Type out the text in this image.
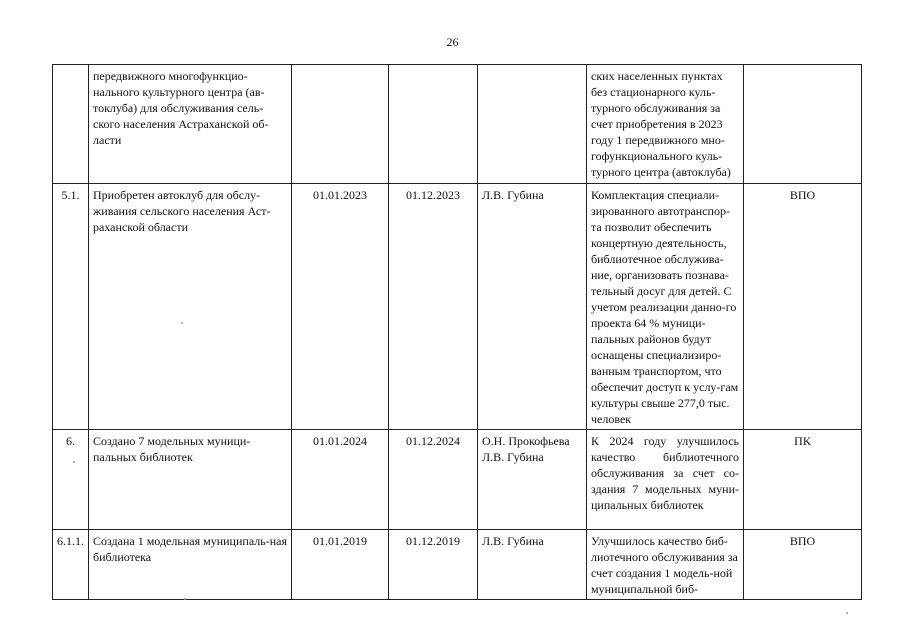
26
	передвижного многофункцио-нального культурного центра (ав-токлуба) для обслуживания сель-ского населения Астраханской об-ласти				ских населенных пунктах без стационарного куль-турного обслуживания за счет приобретения в 2023 году 1 передвижного мно-гофункционального куль-турного центра (автоклуба)	
5.1.	Приобретен автоклуб для обслу-живания сельского населения Аст-раханской области	01.01.2023	01.12.2023	Л.В. Губина	Комплектация специали-зированного автотранспор-та позволит обеспечить концертную деятельность, библиотечное обслужива-ние, организовать познава-тельный досуг для детей. С учетом реализации данно-го проекта 64 % муници-пальных районов будут оснащены специализиро-ванным транспортом, что обеспечит доступ к услу-гам культуры свыше 277,0 тыс. человек	ВПО
6.	Создано 7 модельных муници-пальных библиотек	01.01.2024	01.12.2024	О.Н. Прокофьева Л.В. Губина	К 2024 году улучшилось качество библиотечного обслуживания за счет со-здания 7 модельных муни-ципальных библиотек	ПК
6.1.1.	Создана 1 модельная муниципаль-ная библиотека	01.01.2019	01.12.2019	Л.В. Губина	Улучшилось качество биб-лиотечного обслуживания за счет создания 1 модель-ной муниципальной биб-	ВПО
